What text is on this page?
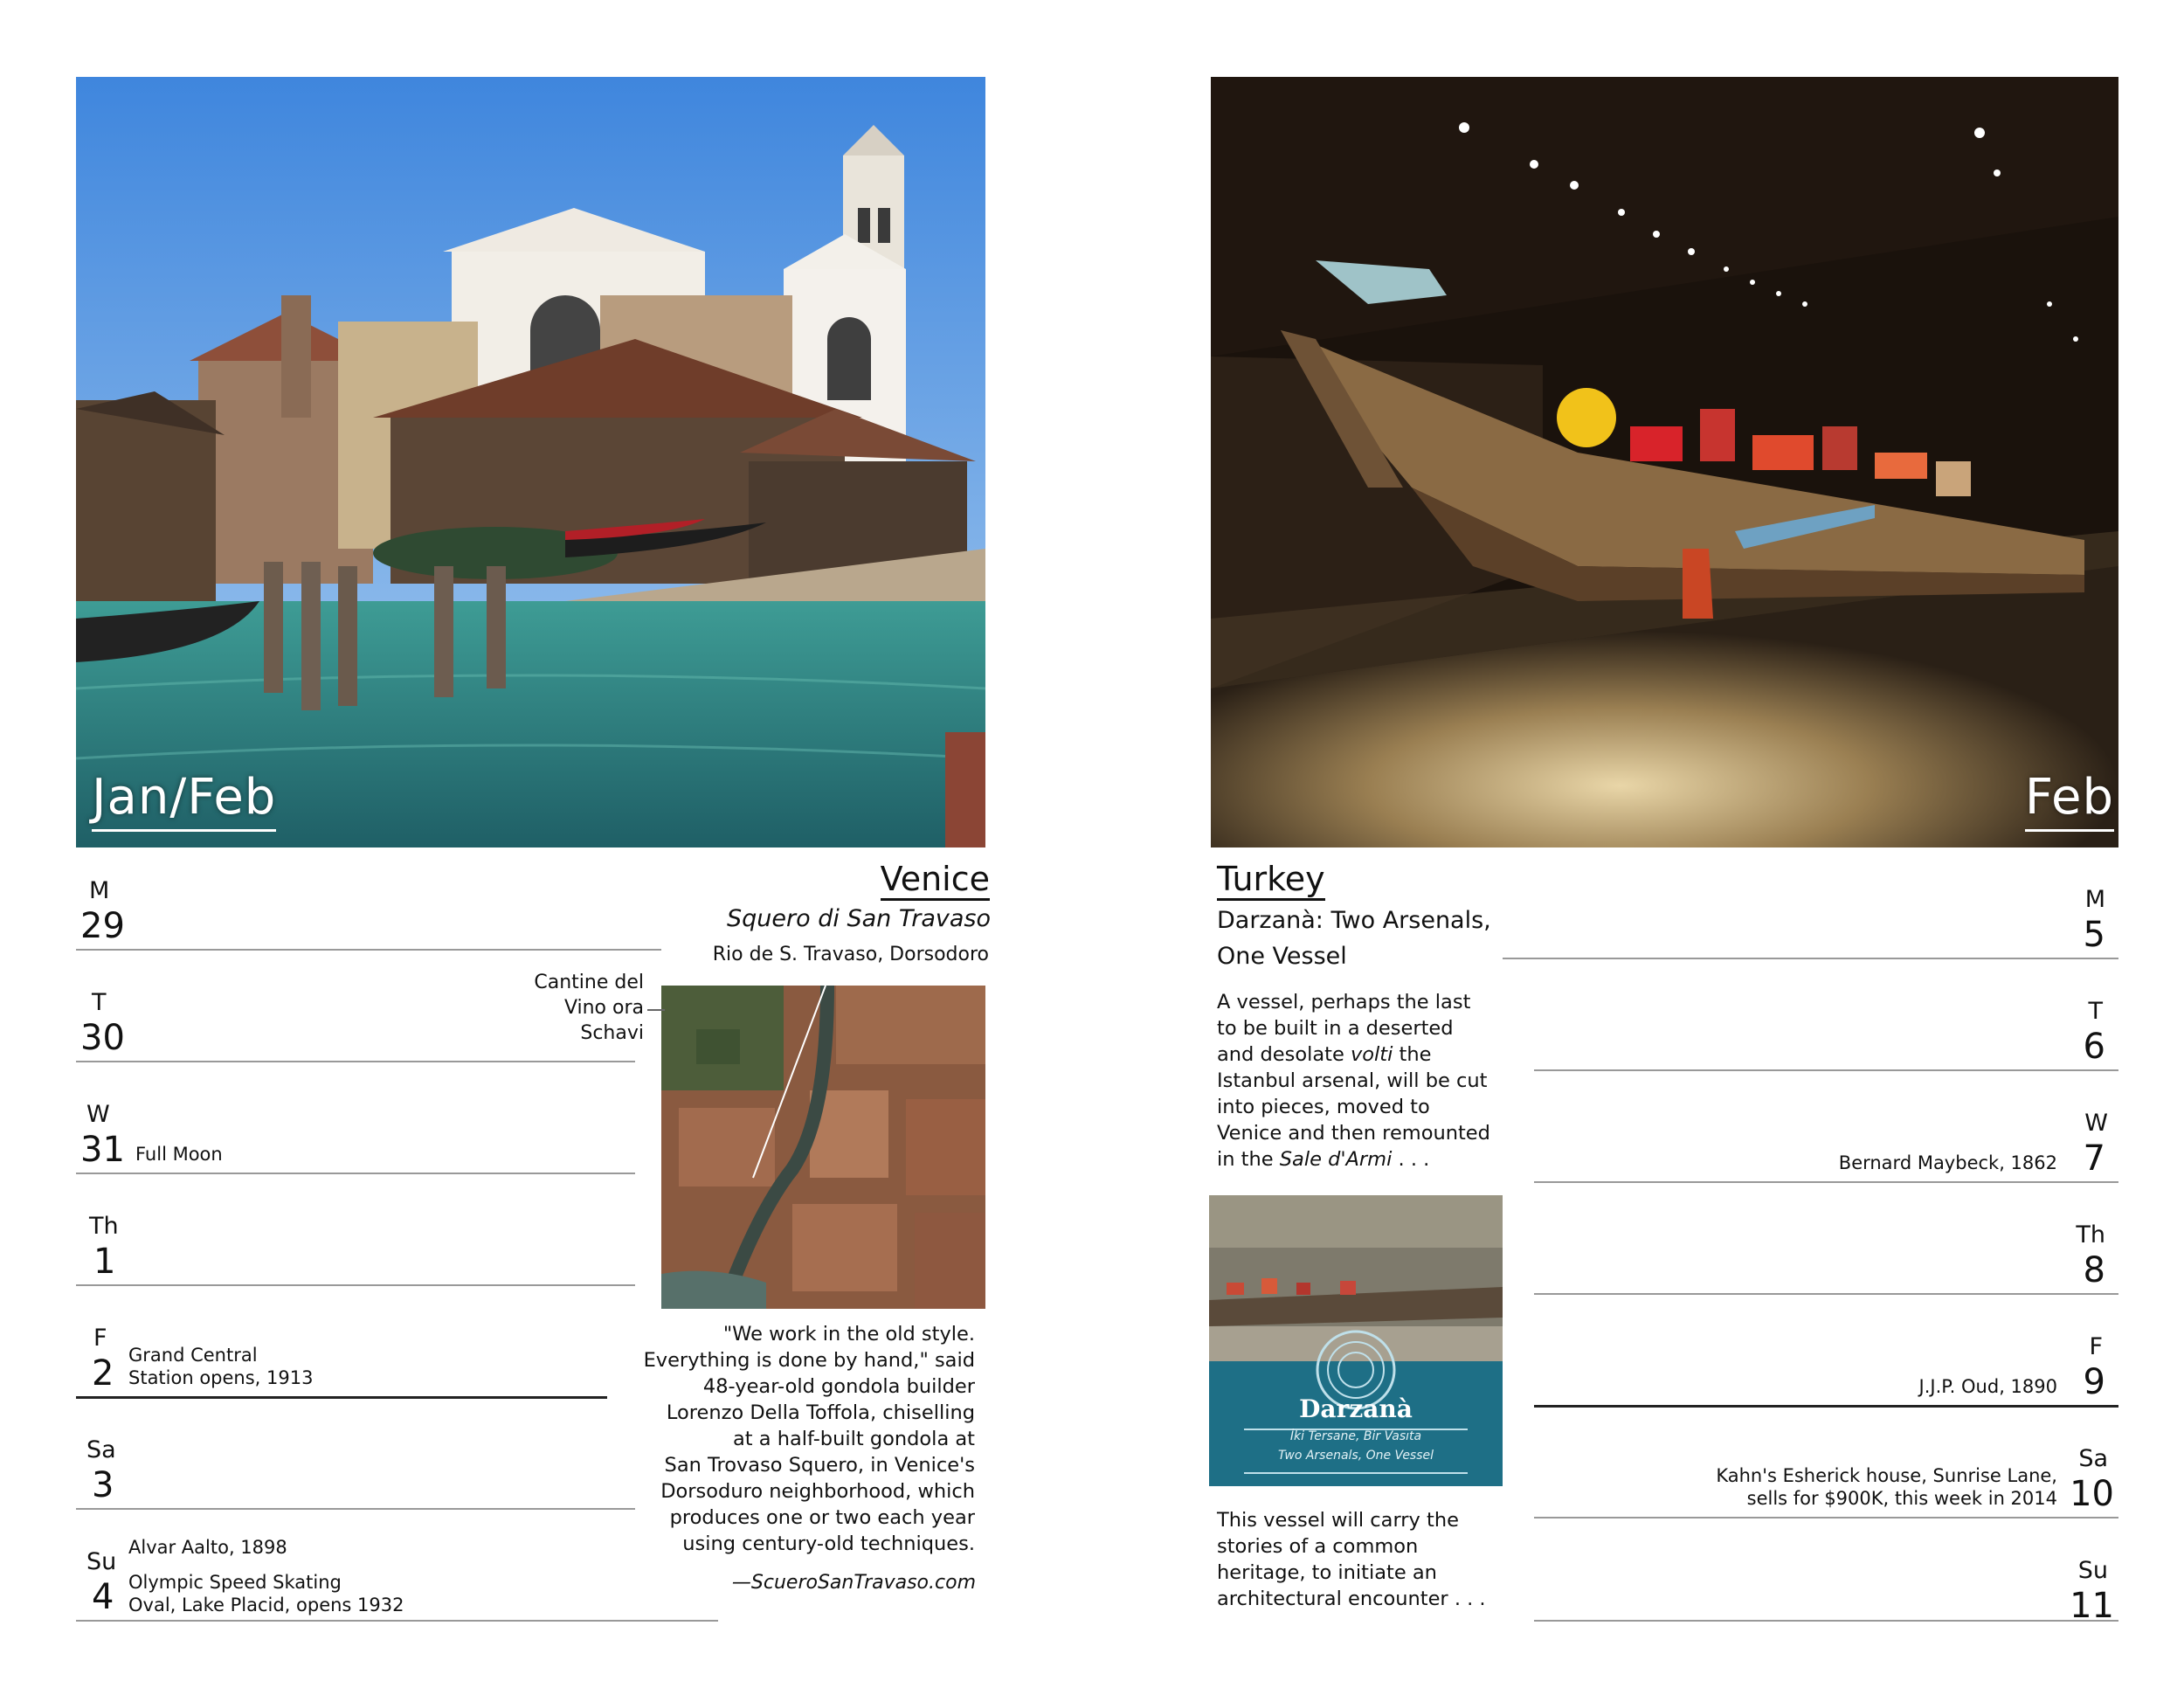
Jan/Feb
Venice
Squero di San Travaso
Rio de S. Travaso, Dorsodoro
Cantine del
Vino ora
Schavi
"We work in the old style.
Everything is done by hand," said
48-year-old gondola builder
Lorenzo Della Toffola, chiselling
at a half-built gondola at
San Trovaso Squero, in Venice's
Dorsoduro neighborhood, which
produces one or two each year
using century-old techniques.
—ScueroSanTravaso.com
M
29
T
30
W
31 Full Moon
Th
1
F
2 Grand Central
Station opens, 1913
Sa
3
Su
4
Alvar Aalto, 1898
Olympic Speed Skating
Oval, Lake Placid, opens 1932
Feb
Turkey
Darzanà: Two Arsenals,
One Vessel
A vessel, perhaps the last
to be built in a deserted
and desolate volti the
Istanbul arsenal, will be cut
into pieces, moved to
Venice and then remounted
in the Sale d'Armi . . .
Darzanà
İki Tersane, Bir Vasıta
Two Arsenals, One Vessel
This vessel will carry the
stories of a common
heritage, to initiate an
architectural encounter . . .
M
5
T
6
W
7
Bernard Maybeck, 1862
Th
8
F
9
J.J.P. Oud, 1890
Sa
10
Kahn's Esherick house, Sunrise Lane,
sells for $900K, this week in 2014
Su
11
